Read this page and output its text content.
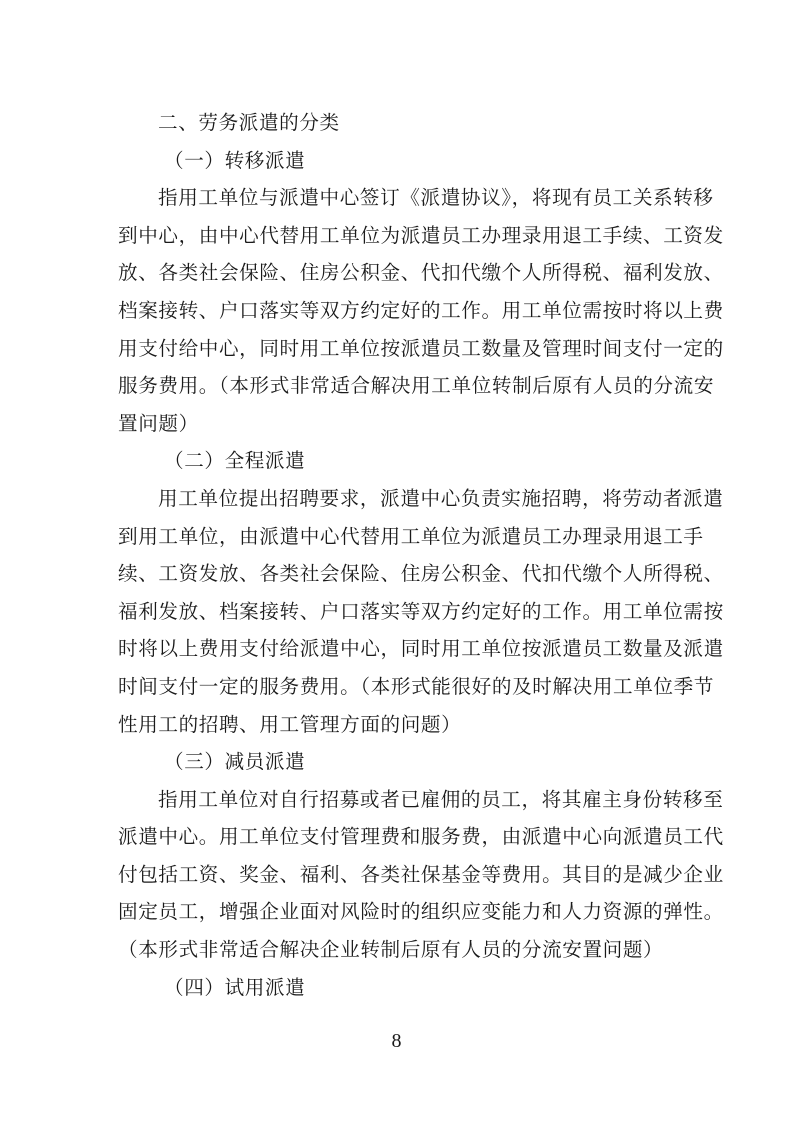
二、劳务派遣的分类
（一）转移派遣
指用工单位与派遣中心签订《派遣协议》，将现有员工关系转移
到中心，由中心代替用工单位为派遣员工办理录用退工手续、工资发
放、各类社会保险、住房公积金、代扣代缴个人所得税、福利发放、
档案接转、户口落实等双方约定好的工作。用工单位需按时将以上费
用支付给中心，同时用工单位按派遣员工数量及管理时间支付一定的
服务费用。（本形式非常适合解决用工单位转制后原有人员的分流安
置问题）
（二）全程派遣
用工单位提出招聘要求，派遣中心负责实施招聘，将劳动者派遣
到用工单位，由派遣中心代替用工单位为派遣员工办理录用退工手
续、工资发放、各类社会保险、住房公积金、代扣代缴个人所得税、
福利发放、档案接转、户口落实等双方约定好的工作。用工单位需按
时将以上费用支付给派遣中心，同时用工单位按派遣员工数量及派遣
时间支付一定的服务费用。（本形式能很好的及时解决用工单位季节
性用工的招聘、用工管理方面的问题）
（三）减员派遣
指用工单位对自行招募或者已雇佣的员工，将其雇主身份转移至
派遣中心。用工单位支付管理费和服务费，由派遣中心向派遣员工代
付包括工资、奖金、福利、各类社保基金等费用。其目的是减少企业
固定员工，增强企业面对风险时的组织应变能力和人力资源的弹性。
（本形式非常适合解决企业转制后原有人员的分流安置问题）
（四）试用派遣
8
